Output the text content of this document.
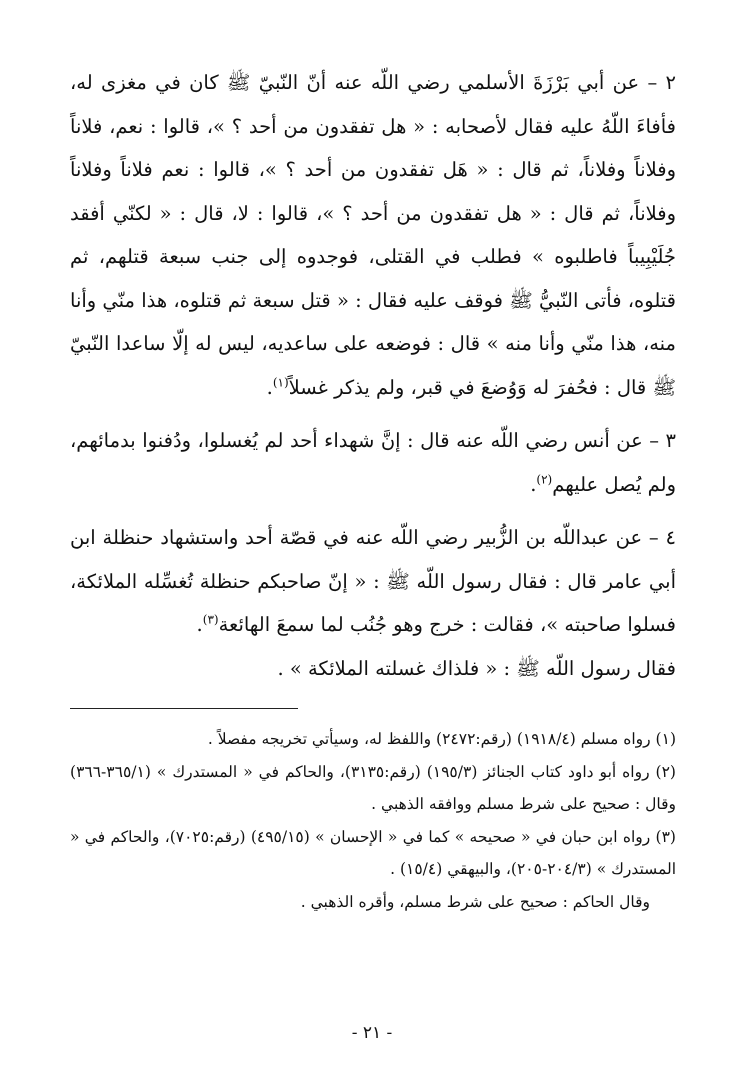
٢ – عن أبي بَرْزَةَ الأسلمي رضي اللّه عنه أنّ النّبيّ ﷺ كان في مغزى له، فأفاءَ اللّهُ عليه فقال لأصحابه : « هل تفقدون من أحد ؟ »، قالوا : نعم، فلاناً وفلاناً وفلاناً، ثم قال : « هَل تفقدون من أحد ؟ »، قالوا : نعم فلاناً وفلاناً وفلاناً، ثم قال : « هل تفقدون من أحد ؟ »، قالوا : لا، قال : « لكنّي أفقد جُلَيْبِيباً فاطلبوه » فطلب في القتلى، فوجدوه إلى جنب سبعة قتلهم، ثم قتلوه، فأتى النّبيُّ ﷺ فوقف عليه فقال : « قتل سبعة ثم قتلوه، هذا منّي وأنا منه، هذا منّي وأنا منه » قال : فوضعه على ساعديه، ليس له إلّا ساعدا النّبيّ ﷺ قال : فحُفرَ له وَوُضعَ في قبر، ولم يذكر غسلاً$^{(١)}$.

٣ – عن أنس رضي اللّه عنه قال : إنَّ شهداء أحد لم يُغسلوا، ودُفنوا بدمائهم، ولم يُصل عليهم$^{(٢)}$.

٤ – عن عبداللّه بن الزُّبير رضي اللّه عنه في قصّة أحد واستشهاد حنظلة ابن أبي عامر قال : فقال رسول اللّه ﷺ : « إنّ صاحبكم حنظلة تُغسِّله الملائكة، فسلوا صاحبته »، فقالت : خرج وهو جُنُب لما سمعَ الهائعة$^{(٣)}$.

فقال رسول اللّه ﷺ : « فلذاك غسلته الملائكة » .

(١) رواه مسلم (١٩١٨/٤) (رقم:٢٤٧٢) واللفظ له، وسيأتي تخريجه مفصلاً .

(٢) رواه أبو داود كتاب الجنائز (١٩٥/٣) (رقم:٣١٣٥)، والحاكم في « المستدرك » (٣٦٥/١-٣٦٦) وقال : صحيح على شرط مسلم ووافقه الذهبي .

(٣) رواه ابن حبان في « صحيحه » كما في « الإحسان » (٤٩٥/١٥) (رقم:٧٠٢٥)، والحاكم في « المستدرك » (٢٠٤/٣-٢٠٥)، والبيهقي (١٥/٤) .

وقال الحاكم : صحيح على شرط مسلم، وأقره الذهبي .

- ٢١ -
